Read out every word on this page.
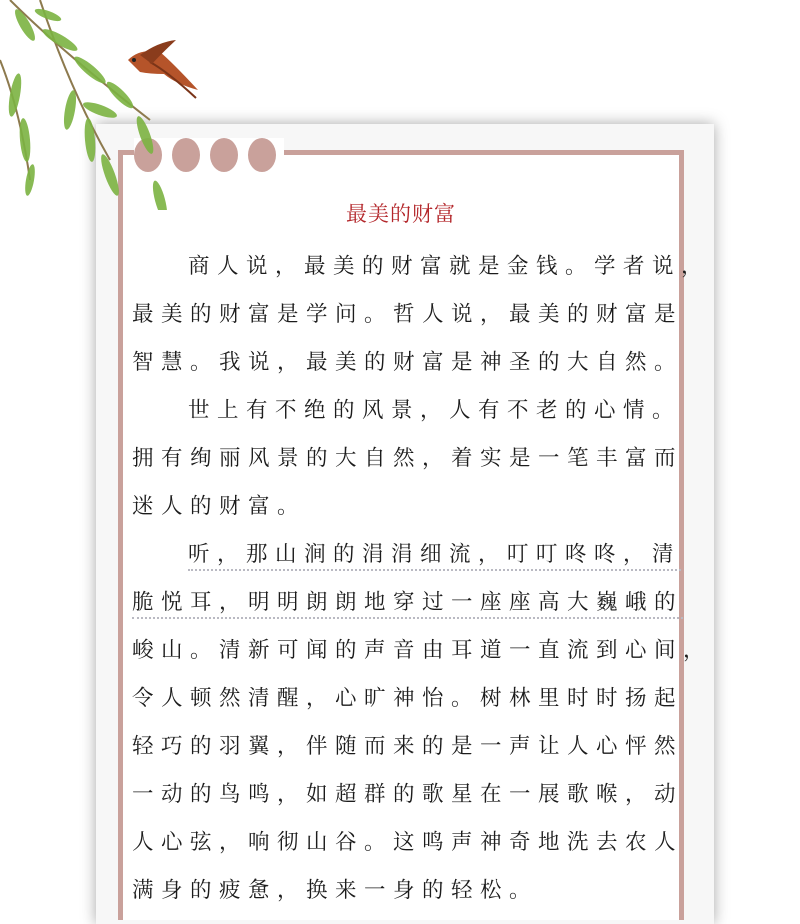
最美的财富
商人说，最美的财富就是金钱。学者说，
最美的财富是学问。哲人说，最美的财富是
智慧。我说，最美的财富是神圣的大自然。
世上有不绝的风景，人有不老的心情。
拥有绚丽风景的大自然，着实是一笔丰富而
迷人的财富。
听，那山涧的涓涓细流，叮叮咚咚，清
脆悦耳，明明朗朗地穿过一座座高大巍峨的
峻山。清新可闻的声音由耳道一直流到心间，
令人顿然清醒，心旷神怡。树林里时时扬起
轻巧的羽翼，伴随而来的是一声让人心怦然
一动的鸟鸣，如超群的歌星在一展歌喉，动
人心弦，响彻山谷。这鸣声神奇地洗去农人
满身的疲惫，换来一身的轻松。
